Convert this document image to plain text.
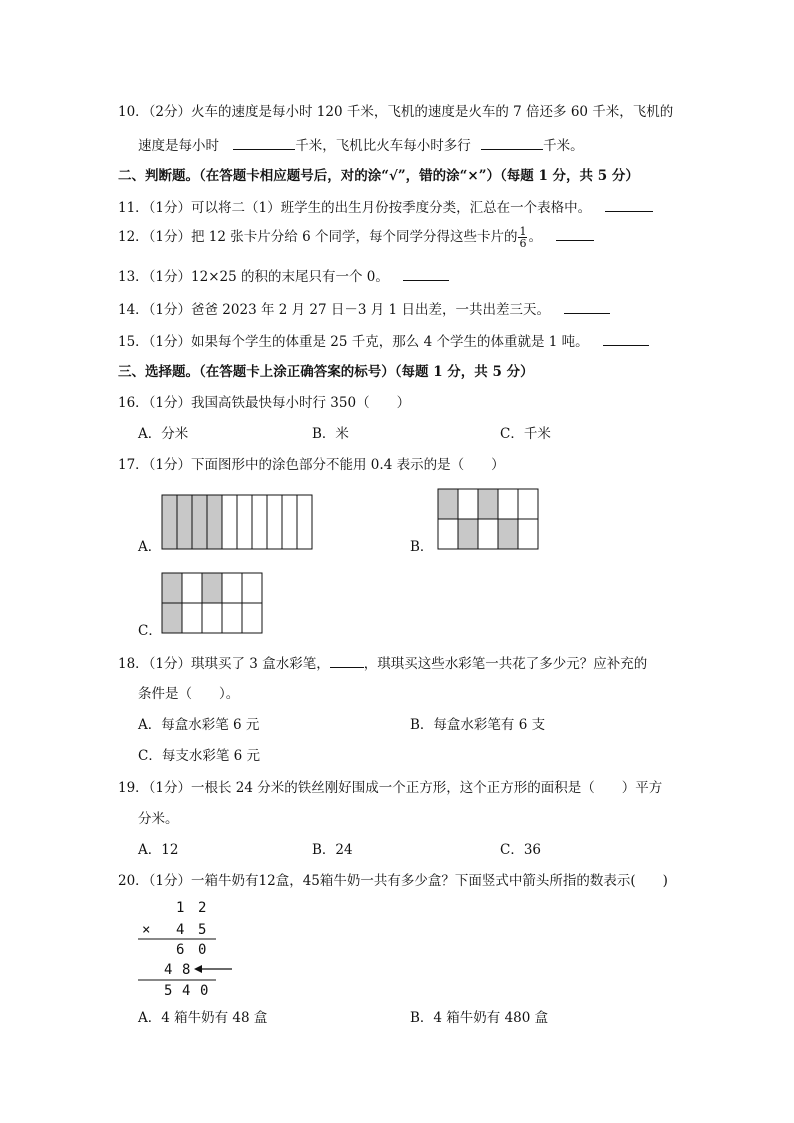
10．（2分）火车的速度是每小时 120 千米，飞机的速度是火车的 7 倍还多 60 千米，飞机的
速度是每小时	千米，飞机比火车每小时多行	千米。
二、判断题。（在答题卡相应题号后，对的涂“√”，错的涂“×”）（每题 1 分，共 5 分）
11．（1分）可以将二（1）班学生的出生月份按季度分类，汇总在一个表格中。
12．（1分）把 12 张卡片分给 6 个同学，每个同学分得这些卡片的 $\frac{1}{6}$ 。
13．（1分）12×25 的积的末尾只有一个 0。
14．（1分）爸爸 2023 年 2 月 27 日－3 月 1 日出差，一共出差三天。
15．（1分）如果每个学生的体重是 25 千克，那么 4 个学生的体重就是 1 吨。
三、选择题。（在答题卡上涂正确答案的标号）（每题 1 分，共 5 分）
16．（1分）我国高铁最快每小时行 350（　　）
A．分米	B．米	C．千米
17．（1分）下面图形中的涂色部分不能用 0.4 表示的是（　　）
A．	B．
C．
18．（1分）琪琪买了 3 盒水彩笔，	，琪琪买这些水彩笔一共花了多少元？应补充的
条件是（　　）。
A．每盒水彩笔 6 元	B．每盒水彩笔有 6 支
C．每支水彩笔 6 元
19．（1分）一根长 24 分米的铁丝刚好围成一个正方形，这个正方形的面积是（　　）平方
分米。
A．12	B．24	C．36
20．（1分）一箱牛奶有12盒，45箱牛奶一共有多少盒？下面竖式中箭头所指的数表示(　　)
1 2
× 4 5
6 0
4 8
5 4 0
A．4 箱牛奶有 48 盒	B．4 箱牛奶有 480 盒
